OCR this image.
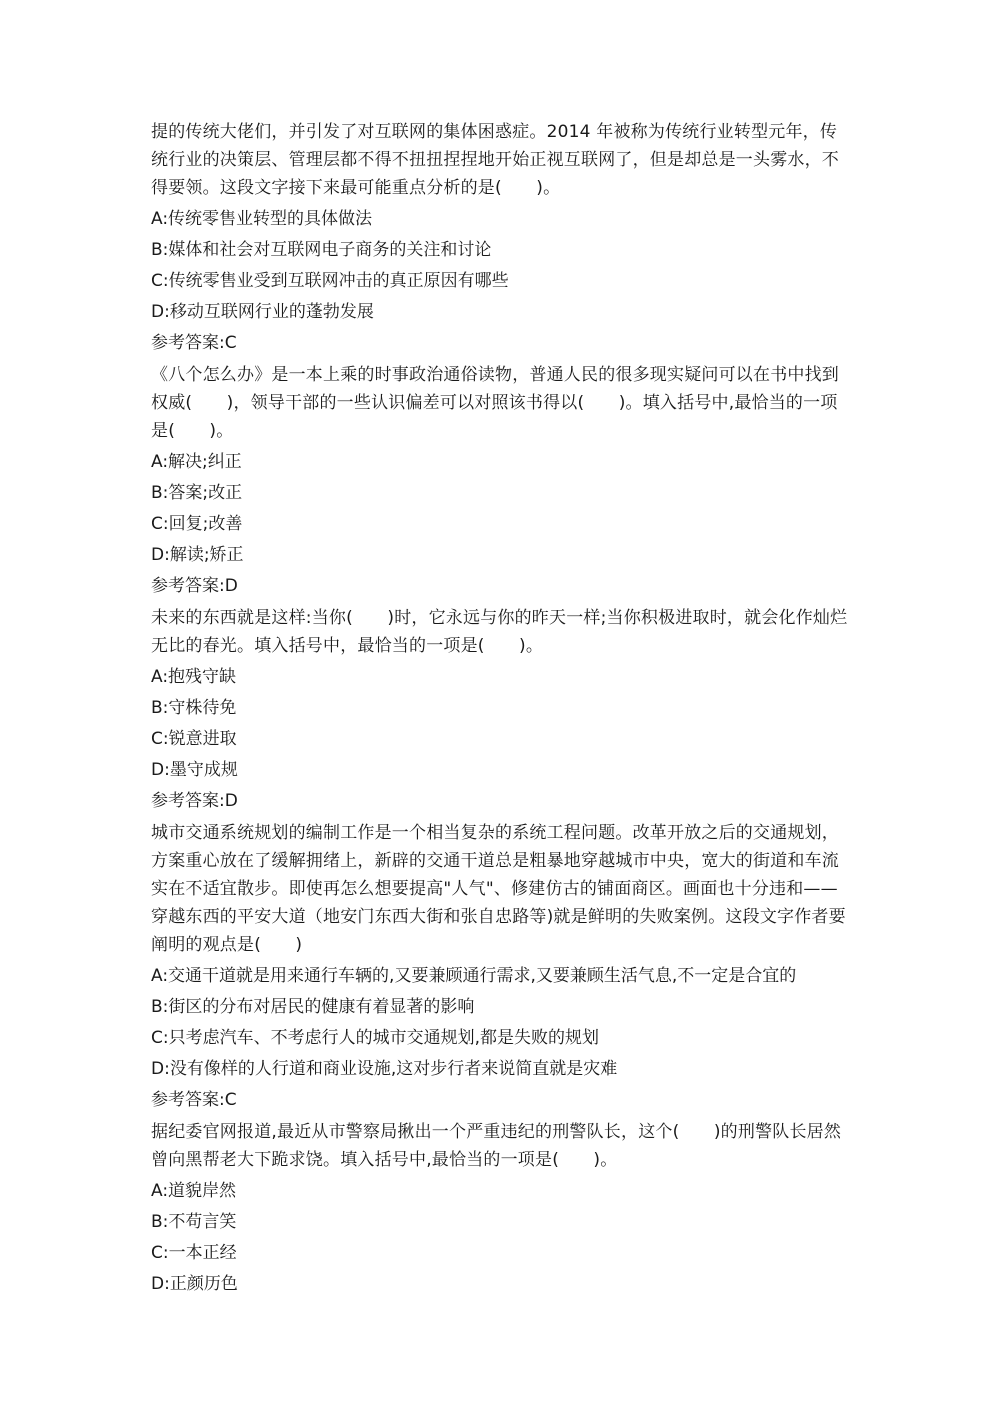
提的传统大佬们，并引发了对互联网的集体困惑症。2014 年被称为传统行业转型元年，传统行业的决策层、管理层都不得不扭扭捏捏地开始正视互联网了，但是却总是一头雾水，不得要领。这段文字接下来最可能重点分析的是(　　)。

A:传统零售业转型的具体做法

B:媒体和社会对互联网电子商务的关注和讨论

C:传统零售业受到互联网冲击的真正原因有哪些

D:移动互联网行业的蓬勃发展

参考答案:C

《八个怎么办》是一本上乘的时事政治通俗读物，普通人民的很多现实疑问可以在书中找到权威(　　)，领导干部的一些认识偏差可以对照该书得以(　　)。填入括号中,最恰当的一项是(　　)。

A:解决;纠正

B:答案;改正

C:回复;改善

D:解读;矫正

参考答案:D

未来的东西就是这样:当你(　　)时，它永远与你的昨天一样;当你积极进取时，就会化作灿烂无比的春光。填入括号中，最恰当的一项是(　　)。

A:抱残守缺

B:守株待免

C:锐意进取

D:墨守成规

参考答案:D

城市交通系统规划的编制工作是一个相当复杂的系统工程问题。改革开放之后的交通规划，方案重心放在了缓解拥绪上，新辟的交通干道总是粗暴地穿越城市中央，宽大的街道和车流实在不适宜散步。即使再怎么想要提高"人气"、修建仿古的铺面商区。画面也十分违和——穿越东西的平安大道（地安门东西大街和张自忠路等)就是鲜明的失败案例。这段文字作者要阐明的观点是(　　)

A:交通干道就是用来通行车辆的,又要兼顾通行需求,又要兼顾生活气息,不一定是合宜的

B:街区的分布对居民的健康有着显著的影响

C:只考虑汽车、不考虑行人的城市交通规划,都是失败的规划

D:没有像样的人行道和商业设施,这对步行者来说简直就是灾难

参考答案:C

据纪委官网报道,最近从市警察局揪出一个严重违纪的刑警队长，这个(　　)的刑警队长居然曾向黑帮老大下跪求饶。填入括号中,最恰当的一项是(　　)。

A:道貌岸然

B:不苟言笑

C:一本正经

D:正颜历色
